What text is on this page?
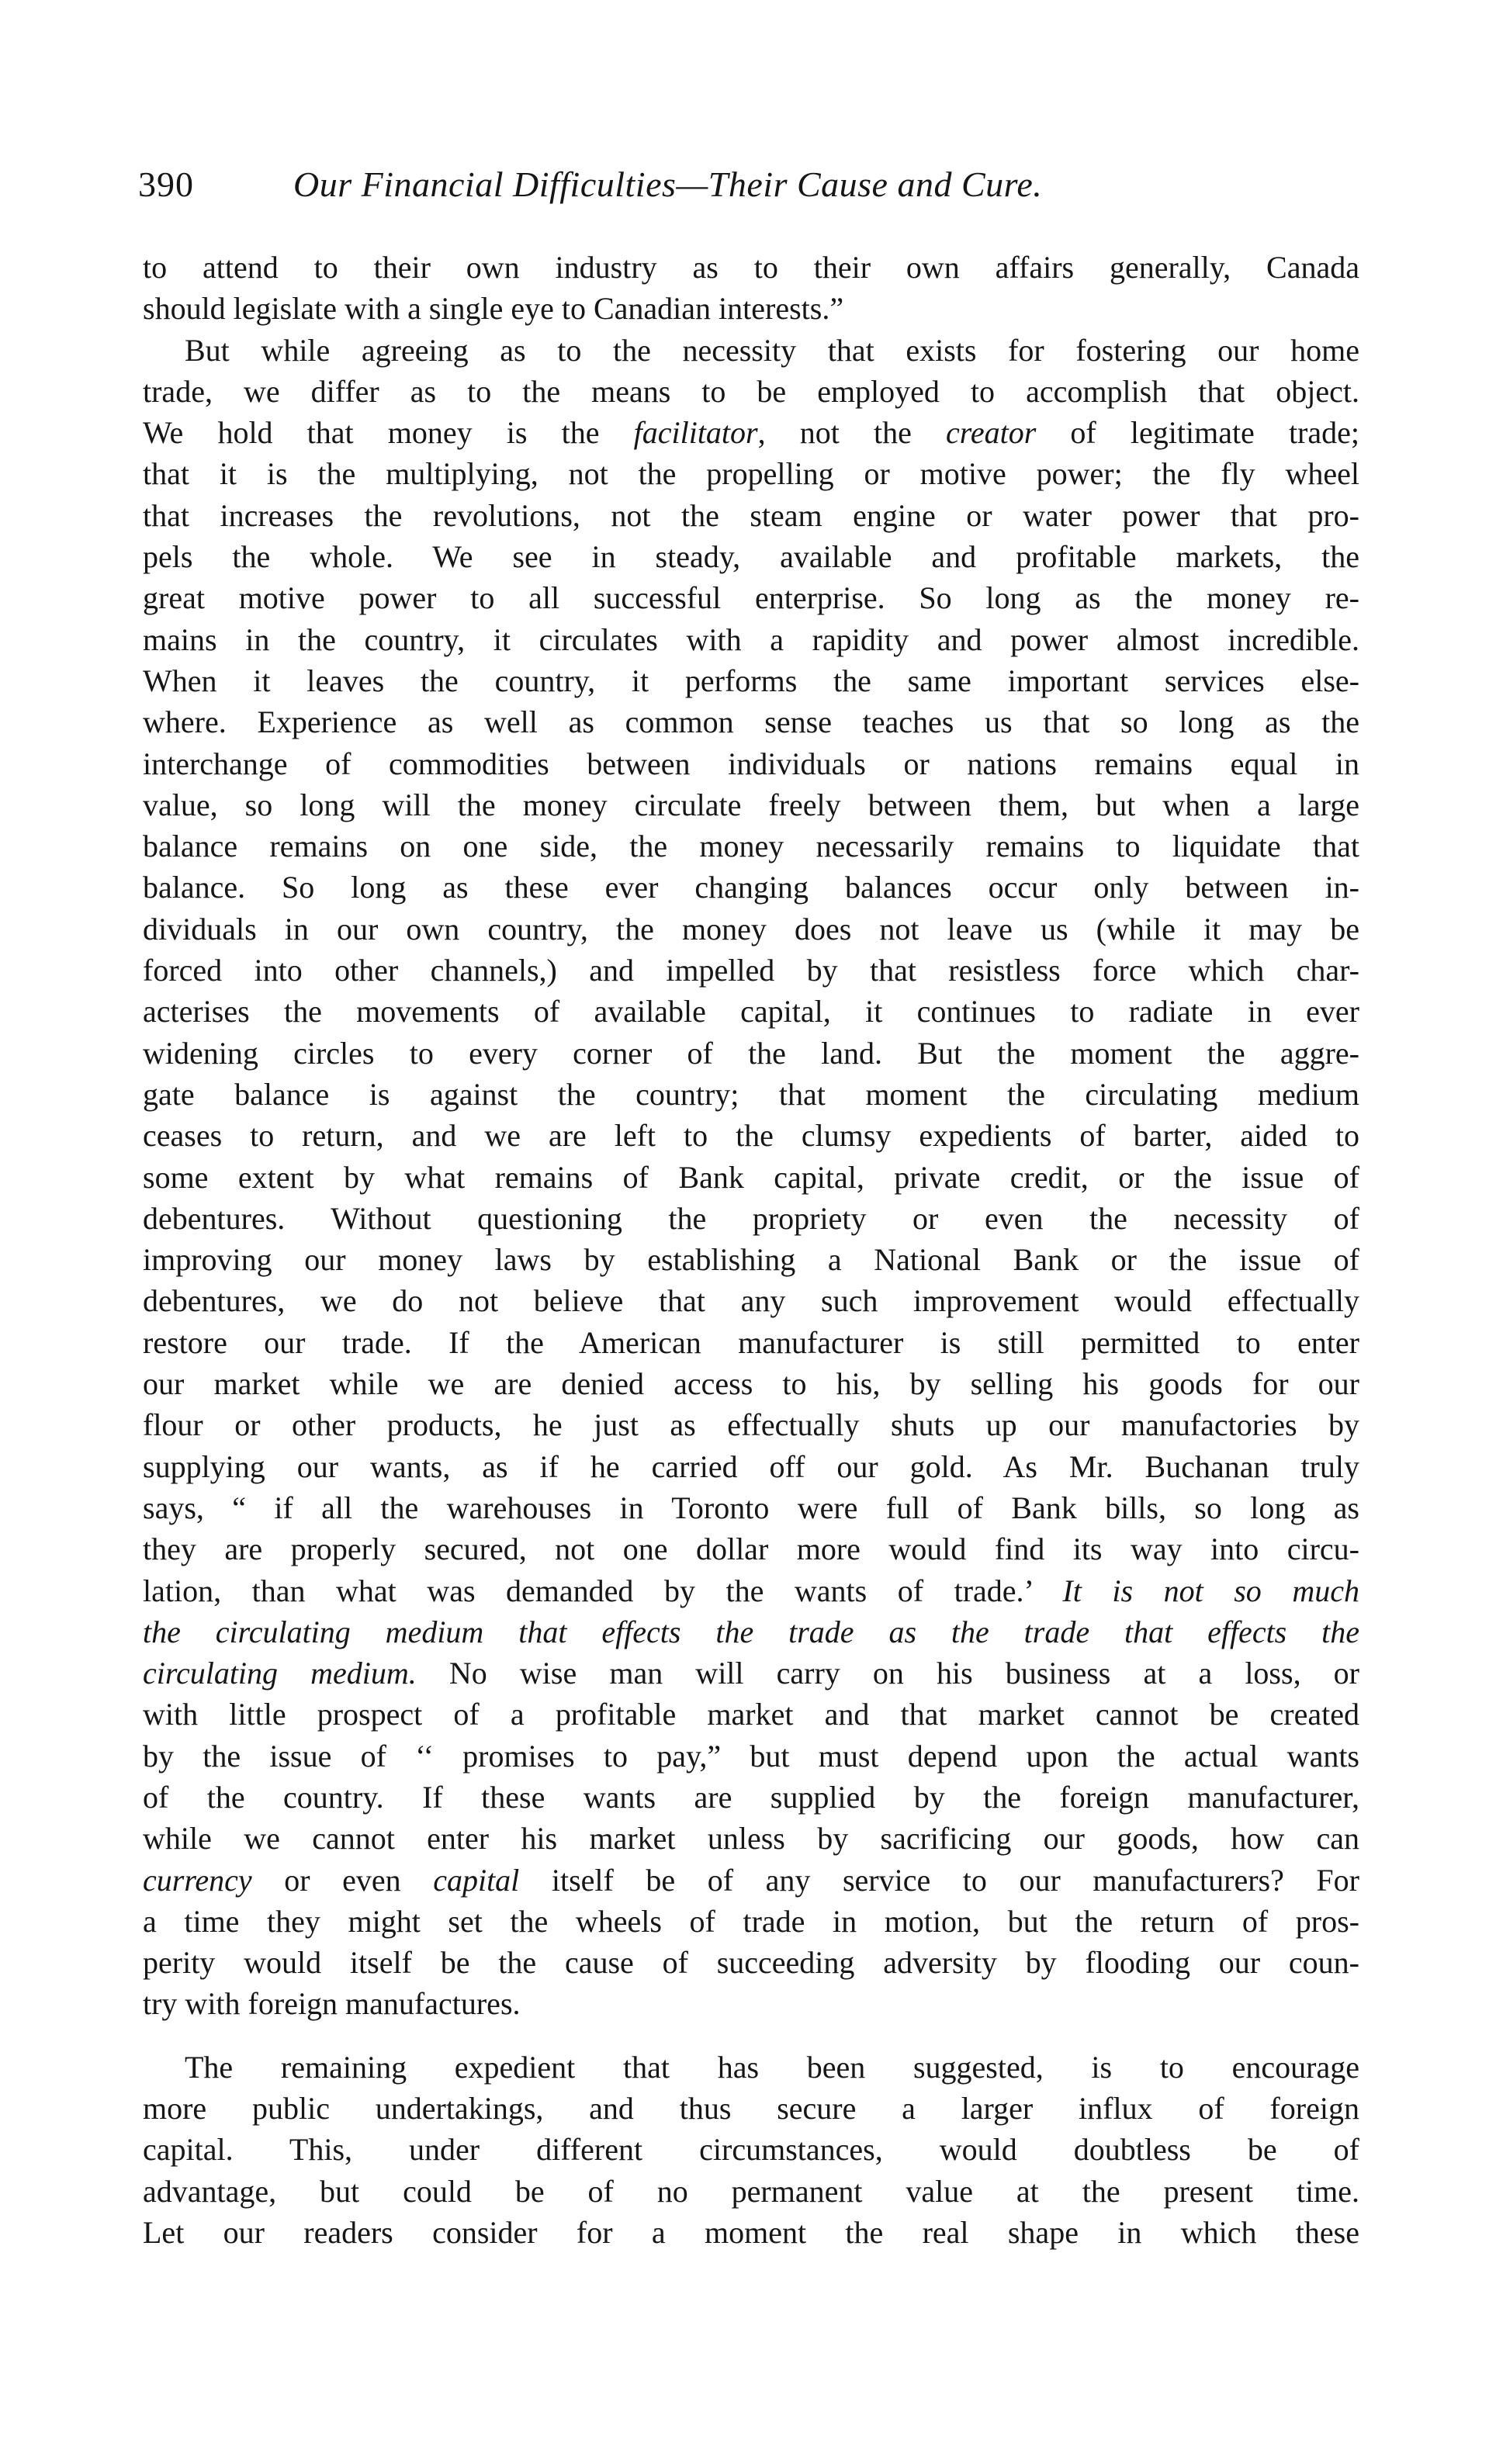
390	Our Financial Difficulties—Their Cause and Cure.
to attend to their own industry as to their own affairs generally, Canada
should legislate with a single eye to Canadian interests.”
But while agreeing as to the necessity that exists for fostering our home
trade, we differ as to the means to be employed to accomplish that object.
We hold that money is the facilitator, not the creator of legitimate trade;
that it is the multiplying, not the propelling or motive power; the fly wheel
that increases the revolutions, not the steam engine or water power that pro-
pels the whole. We see in steady, available and profitable markets, the
great motive power to all successful enterprise. So long as the money re-
mains in the country, it circulates with a rapidity and power almost incredible.
When it leaves the country, it performs the same important services else-
where. Experience as well as common sense teaches us that so long as the
interchange of commodities between individuals or nations remains equal in
value, so long will the money circulate freely between them, but when a large
balance remains on one side, the money necessarily remains to liquidate that
balance. So long as these ever changing balances occur only between in-
dividuals in our own country, the money does not leave us (while it may be
forced into other channels,) and impelled by that resistless force which char-
acterises the movements of available capital, it continues to radiate in ever
widening circles to every corner of the land. But the moment the aggre-
gate balance is against the country; that moment the circulating medium
ceases to return, and we are left to the clumsy expedients of barter, aided to
some extent by what remains of Bank capital, private credit, or the issue of
debentures. Without questioning the propriety or even the necessity of
improving our money laws by establishing a National Bank or the issue of
debentures, we do not believe that any such improvement would effectually
restore our trade. If the American manufacturer is still permitted to enter
our market while we are denied access to his, by selling his goods for our
flour or other products, he just as effectually shuts up our manufactories by
supplying our wants, as if he carried off our gold. As Mr. Buchanan truly
says, “ if all the warehouses in Toronto were full of Bank bills, so long as
they are properly secured, not one dollar more would find its way into circu-
lation, than what was demanded by the wants of trade.’ It is not so much
the circulating medium that effects the trade as the trade that effects the
circulating medium. No wise man will carry on his business at a loss, or
with little prospect of a profitable market and that market cannot be created
by the issue of ‘‘ promises to pay,” but must depend upon the actual wants
of the country. If these wants are supplied by the foreign manufacturer,
while we cannot enter his market unless by sacrificing our goods, how can
currency or even capital itself be of any service to our manufacturers? For
a time they might set the wheels of trade in motion, but the return of pros-
perity would itself be the cause of succeeding adversity by flooding our coun-
try with foreign manufactures.
The remaining expedient that has been suggested, is to encourage
more public undertakings, and thus secure a larger influx of foreign
capital. This, under different circumstances, would doubtless be of
advantage, but could be of no permanent value at the present time.
Let our readers consider for a moment the real shape in which these
